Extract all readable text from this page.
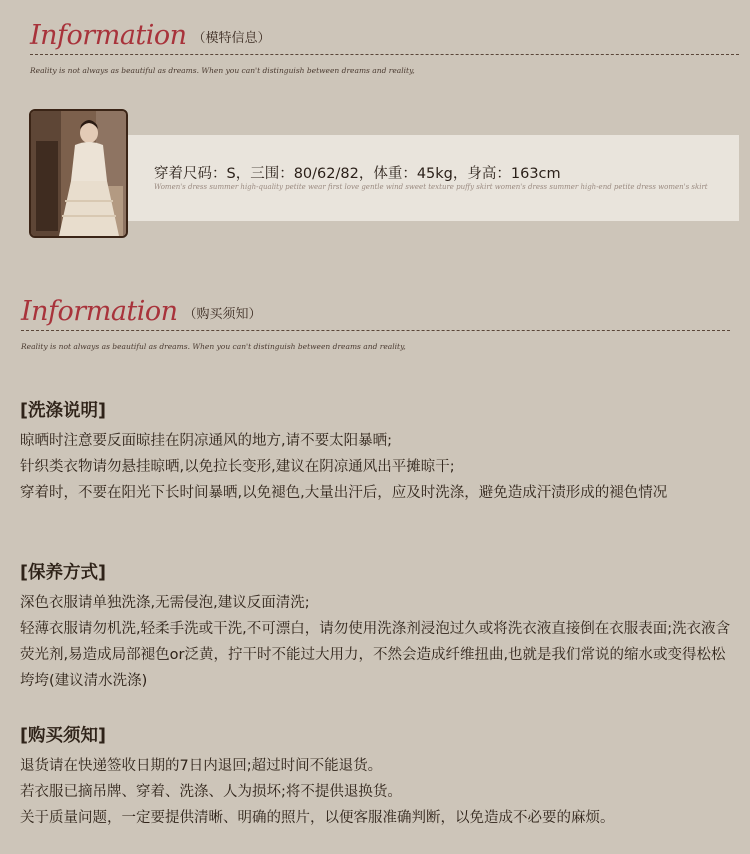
Information （模特信息）
Reality is not always as beautiful as dreams. When you can't distinguish between dreams and reality,
穿着尺码：S，三围：80/62/82，体重：45kg，身高：163cm
Women's dress summer high-quality petite wear first love gentle wind sweet texture puffy skirt women's dress summer high-end petite dress women's skirt
Information （购买须知）
Reality is not always as beautiful as dreams. When you can't distinguish between dreams and reality,
[洗涤说明]
晾晒时注意要反面晾挂在阴凉通风的地方,请不要太阳暴晒;
针织类衣物请勿悬挂晾晒,以免拉长变形,建议在阴凉通风出平摊晾干;
穿着时，不要在阳光下长时间暴晒,以免褪色,大量出汗后，应及时洗涤，避免造成汗渍形成的褪色情况
[保养方式]
深色衣服请单独洗涤,无需侵泡,建议反面清洗;
轻薄衣服请勿机洗,轻柔手洗或干洗,不可漂白，请勿使用洗涤剂浸泡过久或将洗衣液直接倒在衣服表面;洗衣液含荧光剂,易造成局部褪色or泛黄，拧干时不能过大用力，不然会造成纤维扭曲,也就是我们常说的缩水或变得松松垮垮(建议清水洗涤)
[购买须知]
退货请在快递签收日期的7日内退回;超过时间不能退货。
若衣服已摘吊牌、穿着、洗涤、人为损坏;将不提供退换货。
关于质量问题，一定要提供清晰、明确的照片，以便客服准确判断，以免造成不必要的麻烦。
